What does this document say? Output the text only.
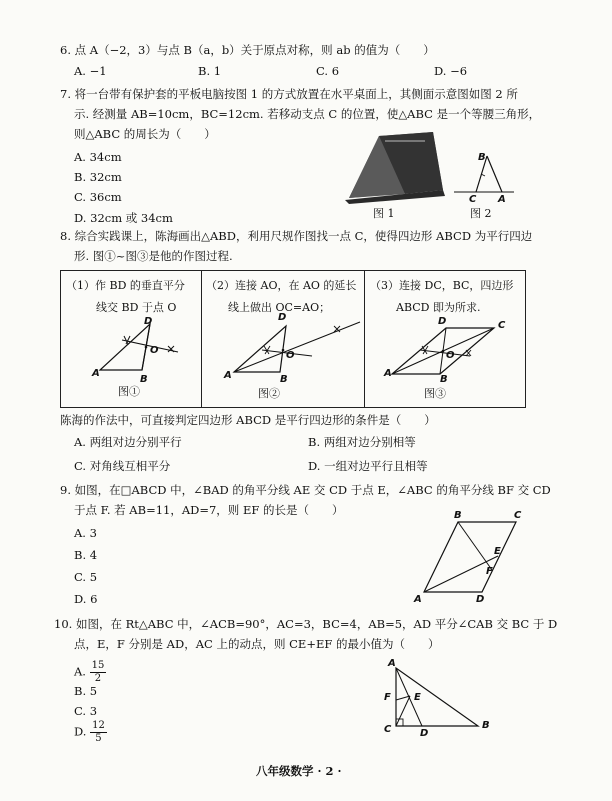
6. 点 A（−2，3）与点 B（a，b）关于原点对称，则 ab 的值为（　　）
A. −1	B. 1	C. 6	D. −6
7. 将一台带有保护套的平板电脑按图 1 的方式放置在水平桌面上，其侧面示意图如图 2 所
示. 经测量 AB=10cm，BC=12cm. 若移动支点 C 的位置，使△ABC 是一个等腰三角形，
则△ABC 的周长为（　　）
A. 34cm
B. 32cm
C. 36cm
D. 32cm 或 34cm	图 1
B
C A
图 2
8. 综合实践课上，陈海画出△ABD，利用尺规作图找一点 C，使得四边形 ABCD 为平行四边
形. 图①~图③是他的作图过程.
（1）作 BD 的垂直平分
线交 BD 于点 O
D
O
A
B
图①
（2）连接 AO，在 AO 的延长
线上做出 OC=AO；
D
O
A	B
图②
（3）连接 DC，BC，四边形
ABCD 即为所求.
D	C
O
A
B
图③
陈海的作法中，可直接判定四边形 ABCD 是平行四边形的条件是（　　）
A. 两组对边分别平行	B. 两组对边分别相等
C. 对角线互相平分	D. 一组对边平行且相等
9. 如图，在□ABCD 中，∠BAD 的角平分线 AE 交 CD 于点 E，∠ABC 的角平分线 BF 交 CD
于点 F. 若 AB=11，AD=7，则 EF 的长是（　　）
A. 3
B. 4
C. 5
D. 6
B	C
E
F
A	D
10. 如图，在 Rt△ABC 中，∠ACB=90°，AC=3，BC=4，AB=5，AD 平分∠CAB 交 BC 于 D
点，E，F 分别是 AD，AC 上的动点，则 CE+EF 的最小值为（　　）
A. $\frac{15}{2}$
B. 5
C. 3
D. $\frac{12}{5}$
A
F E
C	D
B
八年级数学 · 2 ·
